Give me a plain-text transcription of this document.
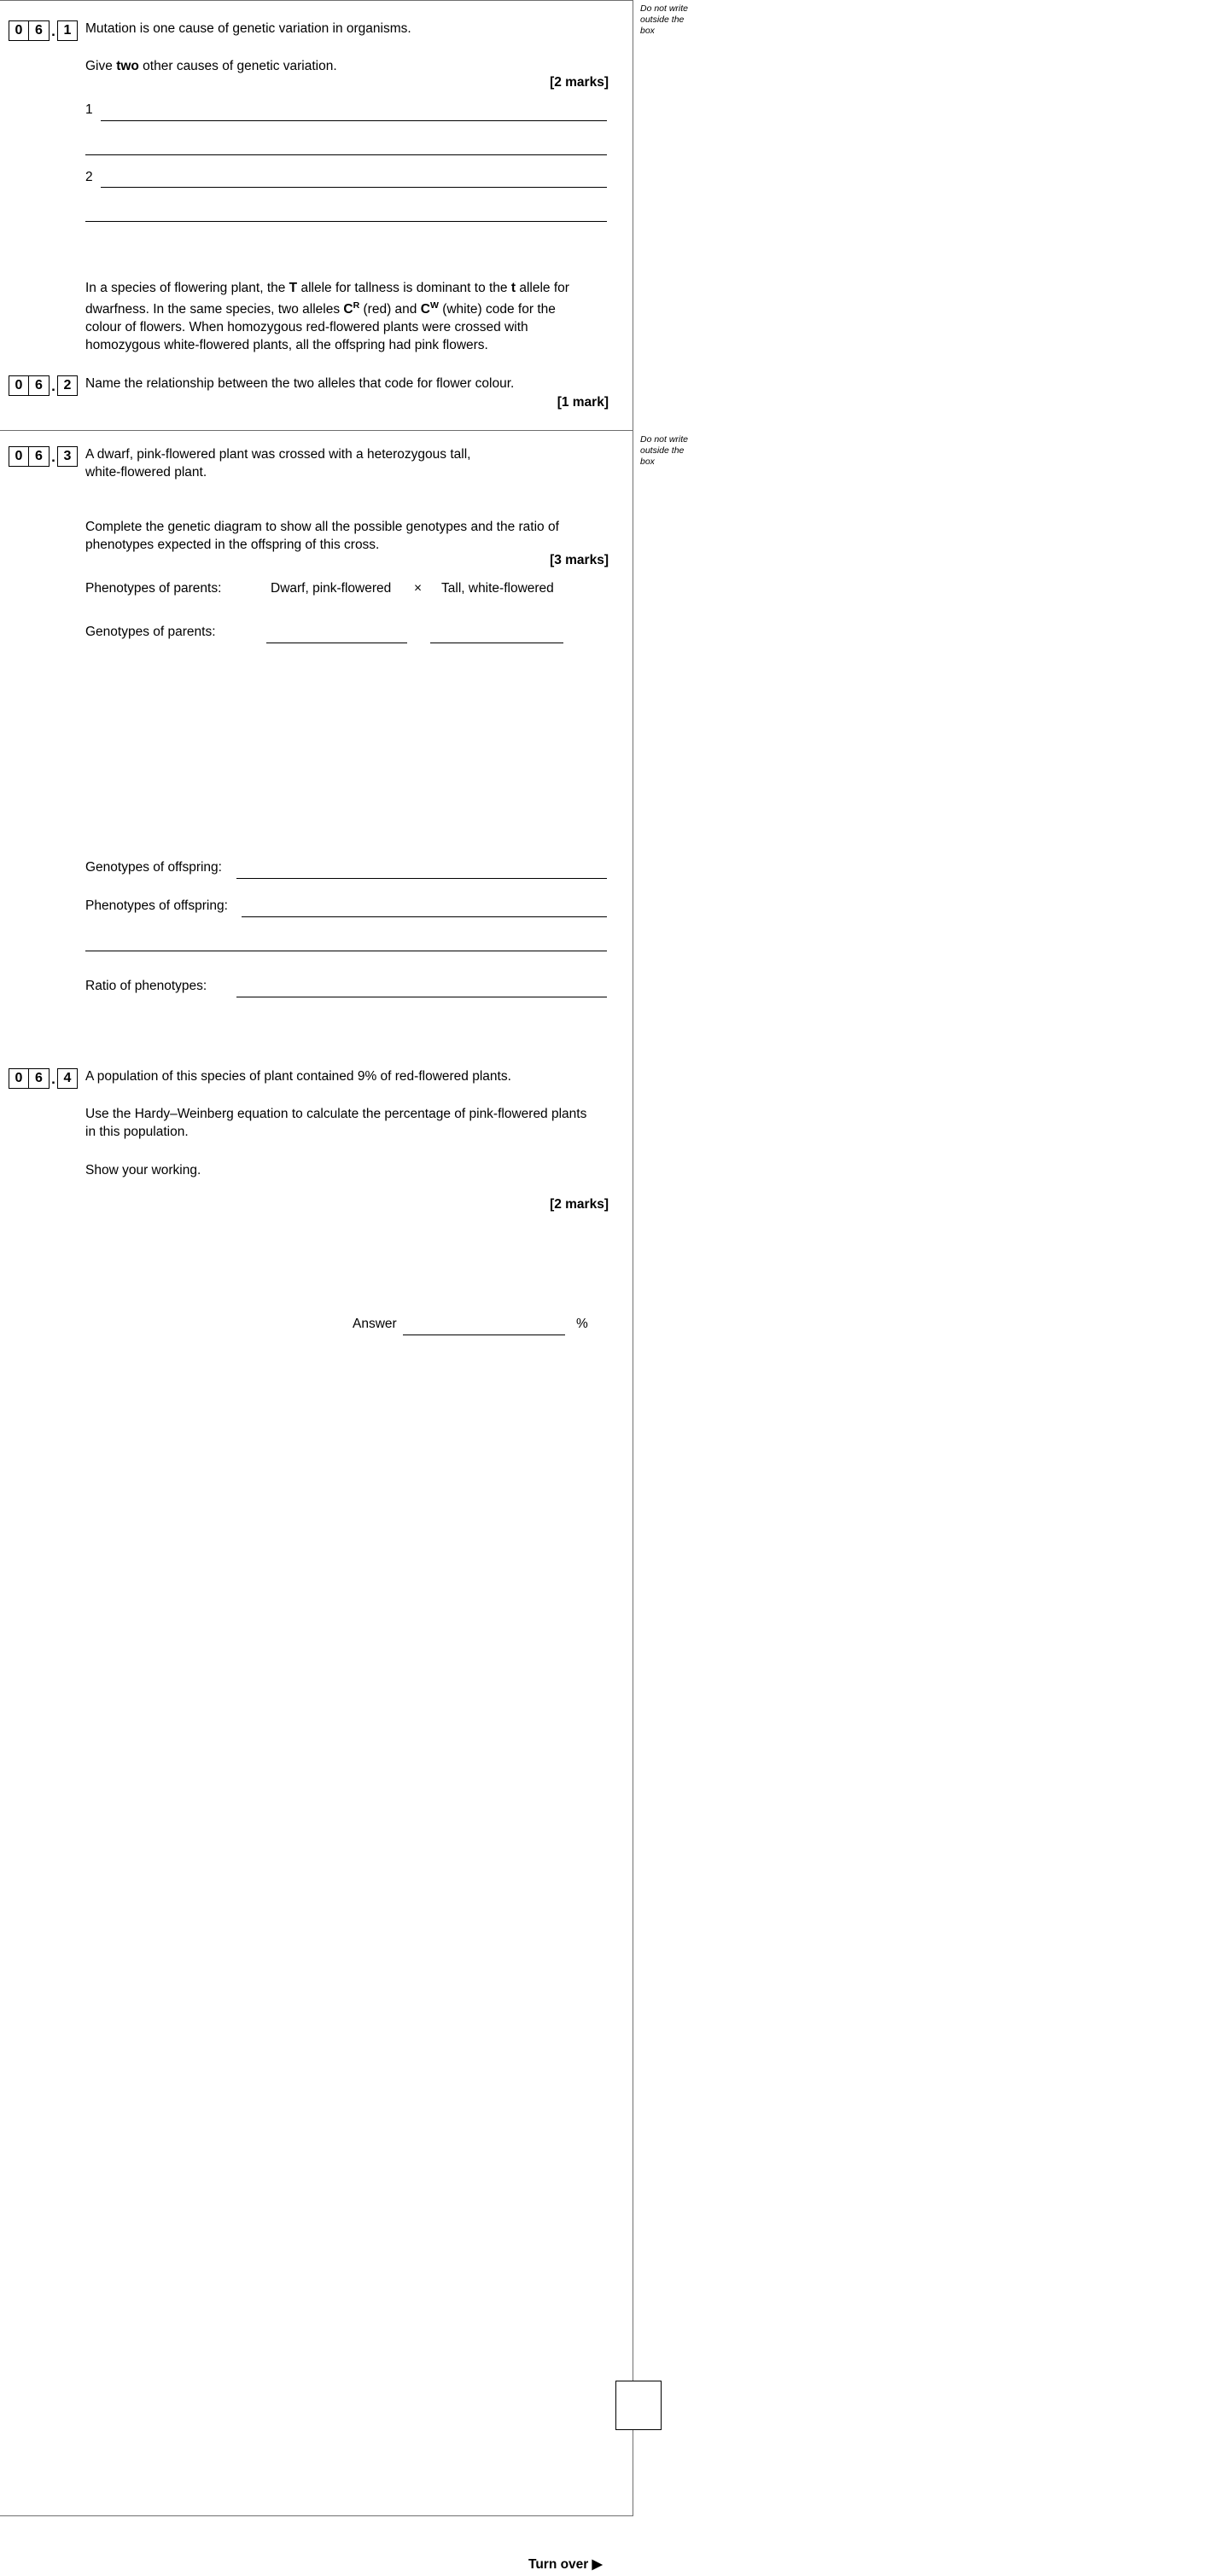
0 6 . 1	Mutation is one cause of genetic variation in organisms.

Give two other causes of genetic variation.

[2 marks]
1
2

In a species of flowering plant, the T allele for tallness is dominant to the t allele for

dwarfness. In the same species, two alleles $C^R$ (red) and $C^W$ (white) code for the

colour of flowers. When homozygous red-flowered plants were crossed with

homozygous white-flowered plants, all the offspring had pink flowers.

0 6 . 2	Name the relationship between the two alleles that code for flower colour.
[1 mark]
0 6 . 3	A dwarf, pink-flowered plant was crossed with a heterozygous tall,

white-flowered plant.

Complete the genetic diagram to show all the possible genotypes and the ratio of

phenotypes expected in the offspring of this cross.

[3 marks]
Phenotypes of parents:	Dwarf, pink-flowered × Tall, white-flowered
Genotypes of parents:
Genotypes of offspring:
Phenotypes of offspring:
Ratio of phenotypes:
0 6 . 4	A population of this species of plant contained 9% of red-flowered plants.

Use the Hardy–Weinberg equation to calculate the percentage of pink-flowered plants

in this population.

Show your working.
[2 marks]
Answer	%
Do not write
outside the
box
Do not write
outside the
box
Turn over ▶
